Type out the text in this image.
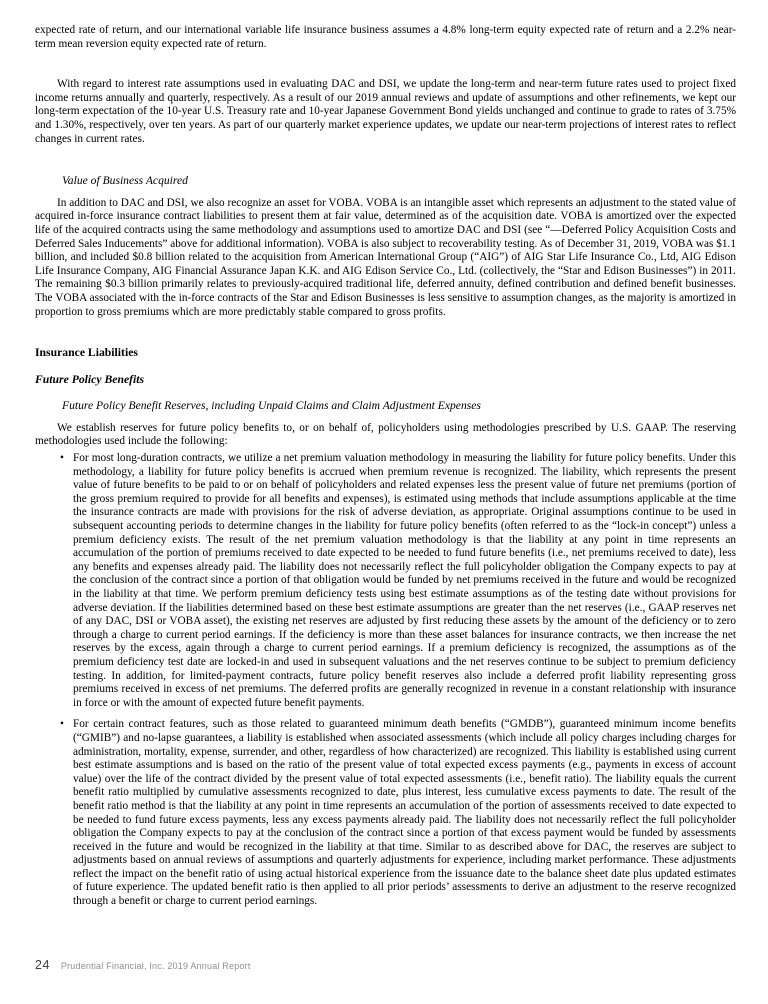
expected rate of return, and our international variable life insurance business assumes a 4.8% long-term equity expected rate of return and a 2.2% near-term mean reversion equity expected rate of return.

With regard to interest rate assumptions used in evaluating DAC and DSI, we update the long-term and near-term future rates used to project fixed income returns annually and quarterly, respectively. As a result of our 2019 annual reviews and update of assumptions and other refinements, we kept our long-term expectation of the 10-year U.S. Treasury rate and 10-year Japanese Government Bond yields unchanged and continue to grade to rates of 3.75% and 1.30%, respectively, over ten years. As part of our quarterly market experience updates, we update our near-term projections of interest rates to reflect changes in current rates.

Value of Business Acquired

In addition to DAC and DSI, we also recognize an asset for VOBA. VOBA is an intangible asset which represents an adjustment to the stated value of acquired in-force insurance contract liabilities to present them at fair value, determined as of the acquisition date. VOBA is amortized over the expected life of the acquired contracts using the same methodology and assumptions used to amortize DAC and DSI (see “—Deferred Policy Acquisition Costs and Deferred Sales Inducements” above for additional information). VOBA is also subject to recoverability testing. As of December 31, 2019, VOBA was $1.1 billion, and included $0.8 billion related to the acquisition from American International Group (“AIG”) of AIG Star Life Insurance Co., Ltd, AIG Edison Life Insurance Company, AIG Financial Assurance Japan K.K. and AIG Edison Service Co., Ltd. (collectively, the “Star and Edison Businesses”) in 2011. The remaining $0.3 billion primarily relates to previously-acquired traditional life, deferred annuity, defined contribution and defined benefit businesses. The VOBA associated with the in-force contracts of the Star and Edison Businesses is less sensitive to assumption changes, as the majority is amortized in proportion to gross premiums which are more predictably stable compared to gross profits.

Insurance Liabilities
Future Policy Benefits
Future Policy Benefit Reserves, including Unpaid Claims and Claim Adjustment Expenses

We establish reserves for future policy benefits to, or on behalf of, policyholders using methodologies prescribed by U.S. GAAP. The reserving methodologies used include the following:

• For most long-duration contracts, we utilize a net premium valuation methodology in measuring the liability for future policy benefits. Under this methodology, a liability for future policy benefits is accrued when premium revenue is recognized. The liability, which represents the present value of future benefits to be paid to or on behalf of policyholders and related expenses less the present value of future net premiums (portion of the gross premium required to provide for all benefits and expenses), is estimated using methods that include assumptions applicable at the time the insurance contracts are made with provisions for the risk of adverse deviation, as appropriate. Original assumptions continue to be used in subsequent accounting periods to determine changes in the liability for future policy benefits (often referred to as the “lock-in concept”) unless a premium deficiency exists. The result of the net premium valuation methodology is that the liability at any point in time represents an accumulation of the portion of premiums received to date expected to be needed to fund future benefits (i.e., net premiums received to date), less any benefits and expenses already paid. The liability does not necessarily reflect the full policyholder obligation the Company expects to pay at the conclusion of the contract since a portion of that obligation would be funded by net premiums received in the future and would be recognized in the liability at that time. We perform premium deficiency tests using best estimate assumptions as of the testing date without provisions for adverse deviation. If the liabilities determined based on these best estimate assumptions are greater than the net reserves (i.e., GAAP reserves net of any DAC, DSI or VOBA asset), the existing net reserves are adjusted by first reducing these assets by the amount of the deficiency or to zero through a charge to current period earnings. If the deficiency is more than these asset balances for insurance contracts, we then increase the net reserves by the excess, again through a charge to current period earnings. If a premium deficiency is recognized, the assumptions as of the premium deficiency test date are locked-in and used in subsequent valuations and the net reserves continue to be subject to premium deficiency testing. In addition, for limited-payment contracts, future policy benefit reserves also include a deferred profit liability representing gross premiums received in excess of net premiums. The deferred profits are generally recognized in revenue in a constant relationship with insurance in force or with the amount of expected future benefit payments.
• For certain contract features, such as those related to guaranteed minimum death benefits (“GMDB”), guaranteed minimum income benefits (“GMIB”) and no-lapse guarantees, a liability is established when associated assessments (which include all policy charges including charges for administration, mortality, expense, surrender, and other, regardless of how characterized) are recognized. This liability is established using current best estimate assumptions and is based on the ratio of the present value of total expected excess payments (e.g., payments in excess of account value) over the life of the contract divided by the present value of total expected assessments (i.e., benefit ratio). The liability equals the current benefit ratio multiplied by cumulative assessments recognized to date, plus interest, less cumulative excess payments to date. The result of the benefit ratio method is that the liability at any point in time represents an accumulation of the portion of assessments received to date expected to be needed to fund future excess payments, less any excess payments already paid. The liability does not necessarily reflect the full policyholder obligation the Company expects to pay at the conclusion of the contract since a portion of that excess payment would be funded by assessments received in the future and would be recognized in the liability at that time. Similar to as described above for DAC, the reserves are subject to adjustments based on annual reviews of assumptions and quarterly adjustments for experience, including market performance. These adjustments reflect the impact on the benefit ratio of using actual historical experience from the issuance date to the balance sheet date plus updated estimates of future experience. The updated benefit ratio is then applied to all prior periods’ assessments to derive an adjustment to the reserve recognized through a benefit or charge to current period earnings.
24 Prudential Financial, Inc. 2019 Annual Report
